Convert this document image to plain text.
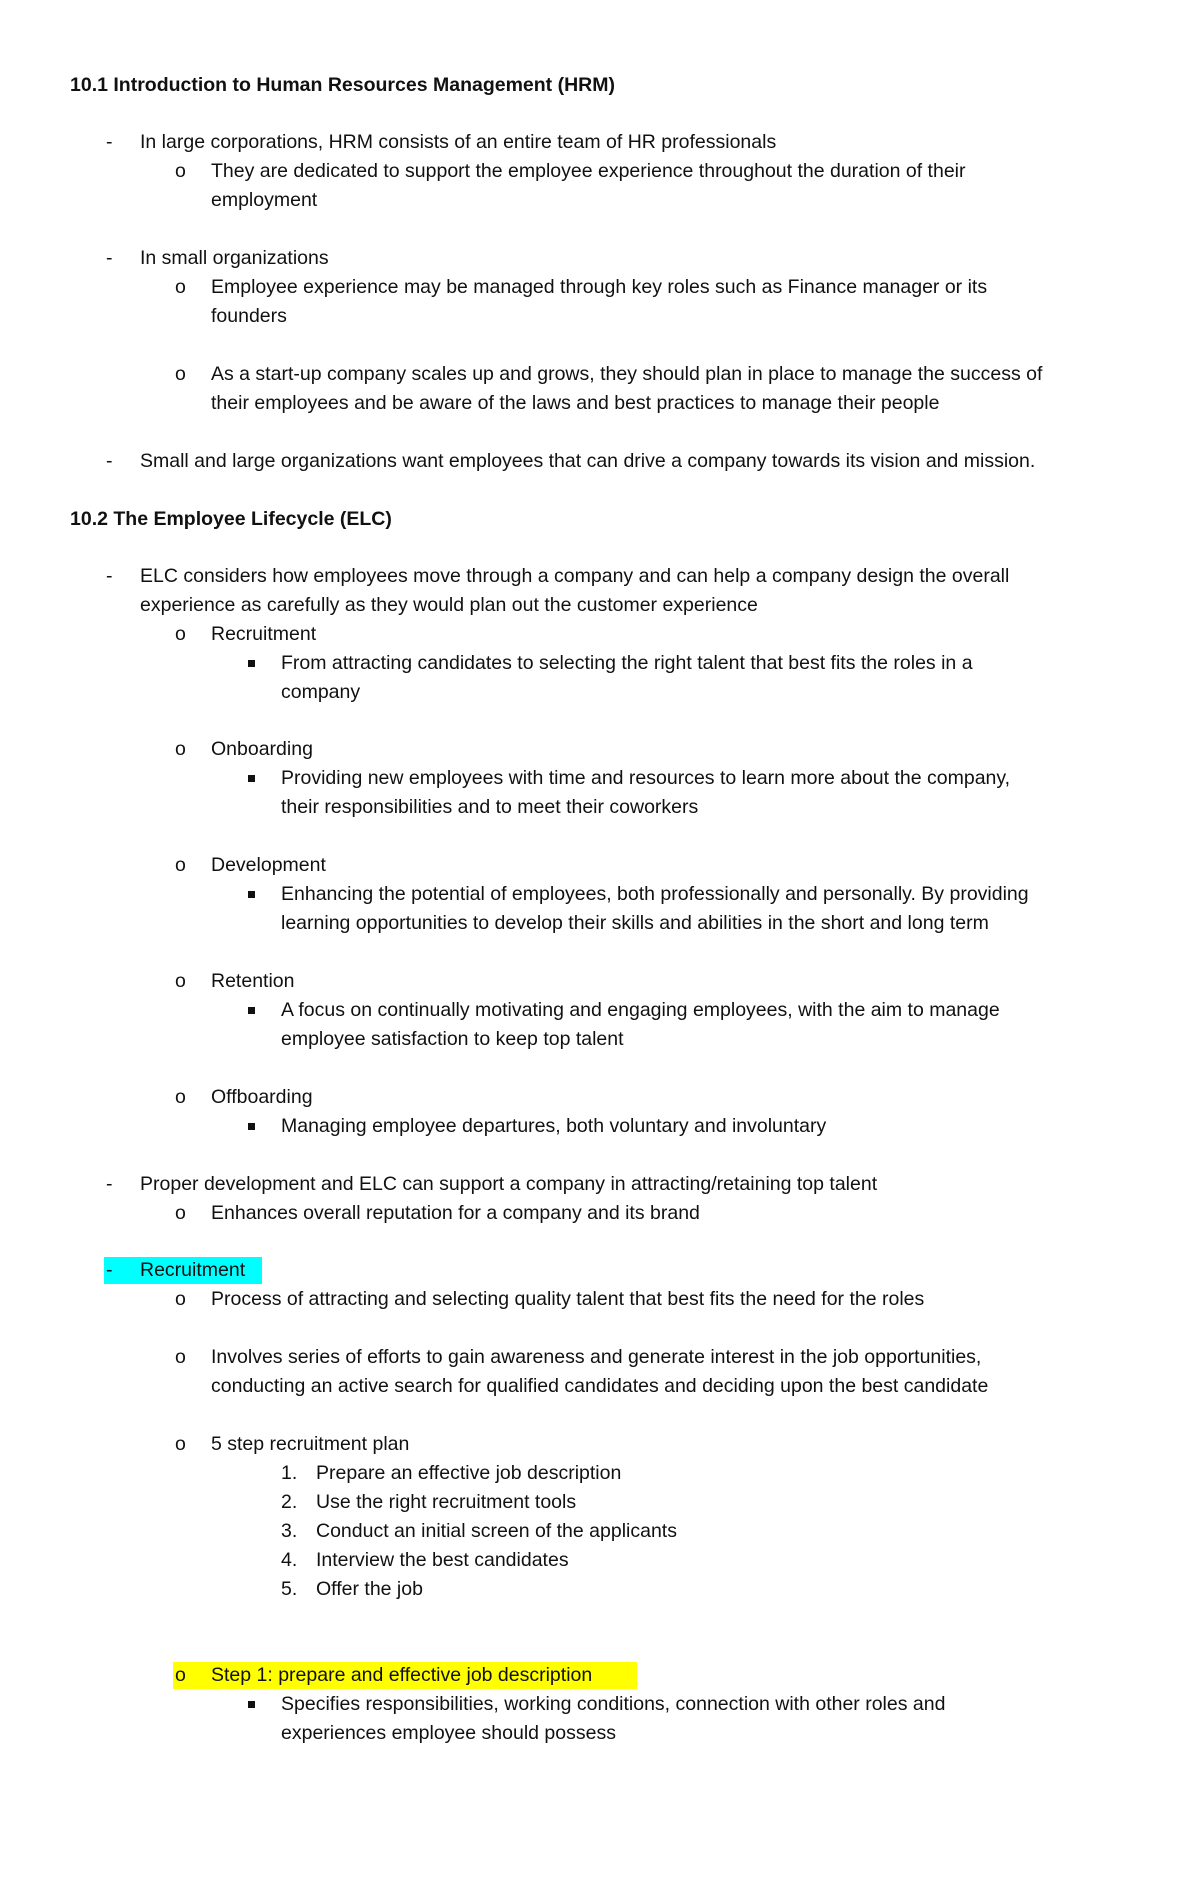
10.1 Introduction to Human Resources Management (HRM)
- In large corporations, HRM consists of an entire team of HR professionals
o They are dedicated to support the employee experience throughout the duration of their
employment
- In small organizations
o Employee experience may be managed through key roles such as Finance manager or its
founders
o As a start-up company scales up and grows, they should plan in place to manage the success of
their employees and be aware of the laws and best practices to manage their people
- Small and large organizations want employees that can drive a company towards its vision and mission.
10.2 The Employee Lifecycle (ELC)
- ELC considers how employees move through a company and can help a company design the overall
experience as carefully as they would plan out the customer experience
o Recruitment
From attracting candidates to selecting the right talent that best fits the roles in a
company
o Onboarding
Providing new employees with time and resources to learn more about the company,
their responsibilities and to meet their coworkers
o Development
Enhancing the potential of employees, both professionally and personally. By providing
learning opportunities to develop their skills and abilities in the short and long term
o Retention
A focus on continually motivating and engaging employees, with the aim to manage
employee satisfaction to keep top talent
o Offboarding
Managing employee departures, both voluntary and involuntary
- Proper development and ELC can support a company in attracting/retaining top talent
o Enhances overall reputation for a company and its brand
- Recruitment
o Process of attracting and selecting quality talent that best fits the need for the roles
o Involves series of efforts to gain awareness and generate interest in the job opportunities,
conducting an active search for qualified candidates and deciding upon the best candidate
o 5 step recruitment plan
1. Prepare an effective job description
2. Use the right recruitment tools
3. Conduct an initial screen of the applicants
4. Interview the best candidates
5. Offer the job
o Step 1: prepare and effective job description
Specifies responsibilities, working conditions, connection with other roles and
experiences employee should possess
